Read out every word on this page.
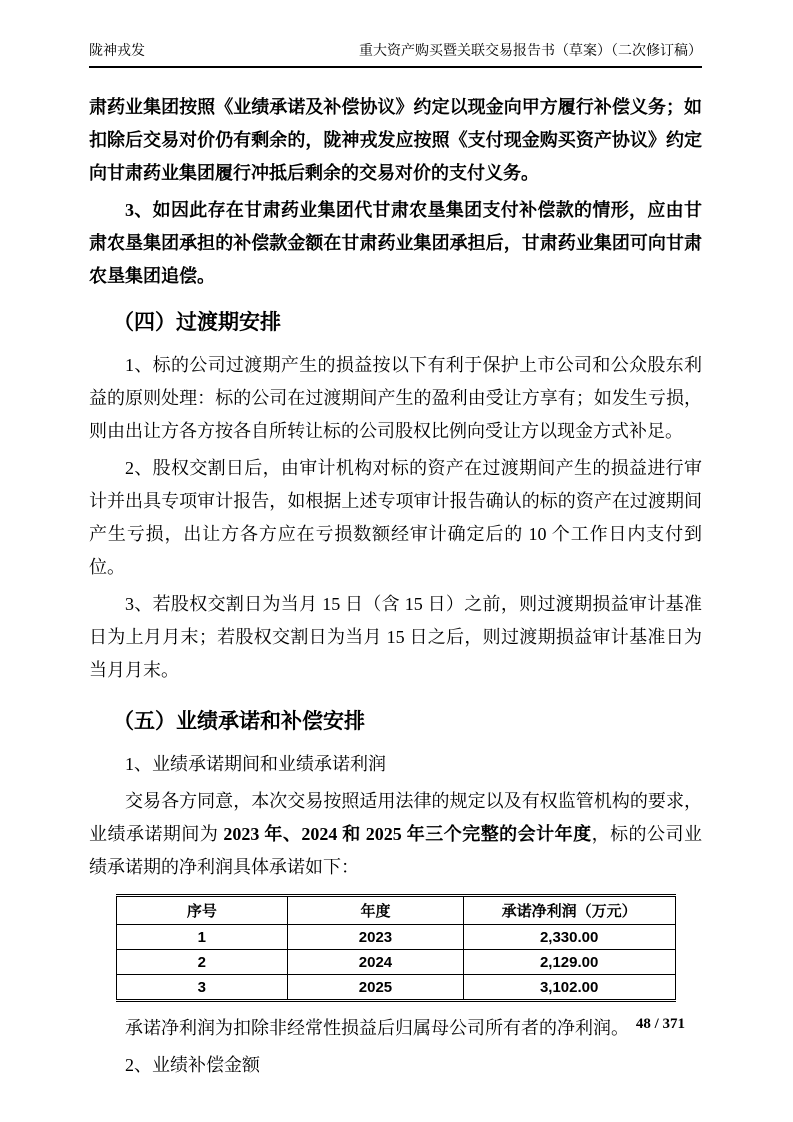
陇神戎发	重大资产购买暨关联交易报告书（草案）（二次修订稿）

肃药业集团按照《业绩承诺及补偿协议》约定以现金向甲方履行补偿义务；如扣除后交易对价仍有剩余的，陇神戎发应按照《支付现金购买资产协议》约定向甘肃药业集团履行冲抵后剩余的交易对价的支付义务。

3、如因此存在甘肃药业集团代甘肃农垦集团支付补偿款的情形，应由甘肃农垦集团承担的补偿款金额在甘肃药业集团承担后，甘肃药业集团可向甘肃农垦集团追偿。

（四）过渡期安排

1、标的公司过渡期产生的损益按以下有利于保护上市公司和公众股东利益的原则处理：标的公司在过渡期间产生的盈利由受让方享有；如发生亏损，则由出让方各方按各自所转让标的公司股权比例向受让方以现金方式补足。

2、股权交割日后，由审计机构对标的资产在过渡期间产生的损益进行审计并出具专项审计报告，如根据上述专项审计报告确认的标的资产在过渡期间产生亏损，出让方各方应在亏损数额经审计确定后的 10 个工作日内支付到位。

3、若股权交割日为当月 15 日（含 15 日）之前，则过渡期损益审计基准日为上月月末；若股权交割日为当月 15 日之后，则过渡期损益审计基准日为当月月末。

（五）业绩承诺和补偿安排

1、业绩承诺期间和业绩承诺利润

交易各方同意，本次交易按照适用法律的规定以及有权监管机构的要求，业绩承诺期间为 2023 年、2024 和 2025 年三个完整的会计年度，标的公司业绩承诺期的净利润具体承诺如下：

序号	年度	承诺净利润（万元）
1	2023	2,330.00
2	2024	2,129.00
3	2025	3,102.00

承诺净利润为扣除非经常性损益后归属母公司所有者的净利润。

2、业绩补偿金额

48 / 371
